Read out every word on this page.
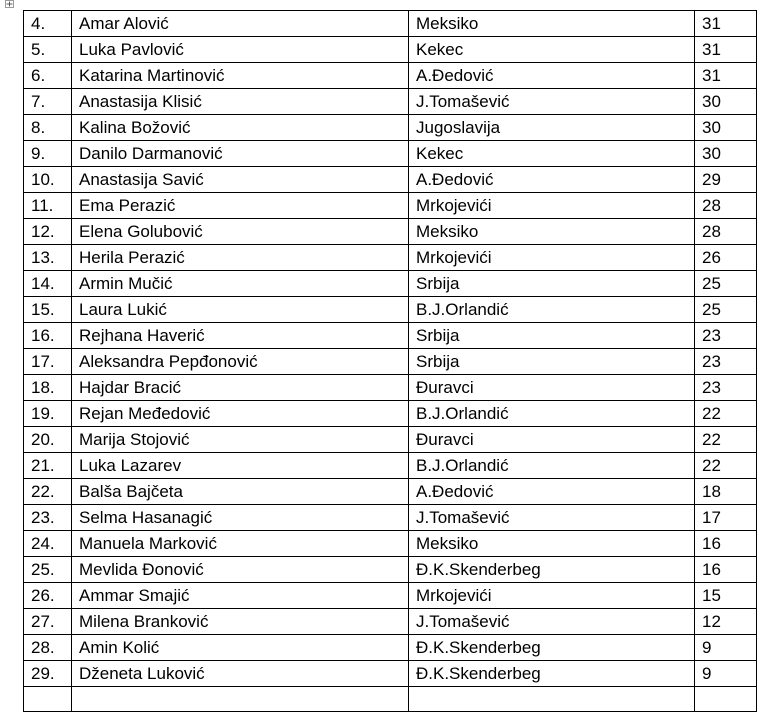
4.	Amar Alović	Meksiko	31
5.	Luka Pavlović	Kekec	31
6.	Katarina Martinović	A.Đedović	31
7.	Anastasija Klisić	J.Tomašević	30
8.	Kalina Božović	Jugoslavija	30
9.	Danilo Darmanović	Kekec	30
10.	Anastasija Savić	A.Đedović	29
11.	Ema Perazić	Mrkojevići	28
12.	Elena Golubović	Meksiko	28
13.	Herila Perazić	Mrkojevići	26
14.	Armin Mučić	Srbija	25
15.	Laura Lukić	B.J.Orlandić	25
16.	Rejhana Haverić	Srbija	23
17.	Aleksandra Pepđonović	Srbija	23
18.	Hajdar Bracić	Đuravci	23
19.	Rejan Međedović	B.J.Orlandić	22
20.	Marija Stojović	Đuravci	22
21.	Luka Lazarev	B.J.Orlandić	22
22.	Balša Bajčeta	A.Đedović	18
23.	Selma Hasanagić	J.Tomašević	17
24.	Manuela Marković	Meksiko	16
25.	Mevlida Đonović	Đ.K.Skenderbeg	16
26.	Ammar Smajić	Mrkojevići	15
27.	Milena Branković	J.Tomašević	12
28.	Amin Kolić	Đ.K.Skenderbeg	9
29.	Dženeta Luković	Đ.K.Skenderbeg	9
